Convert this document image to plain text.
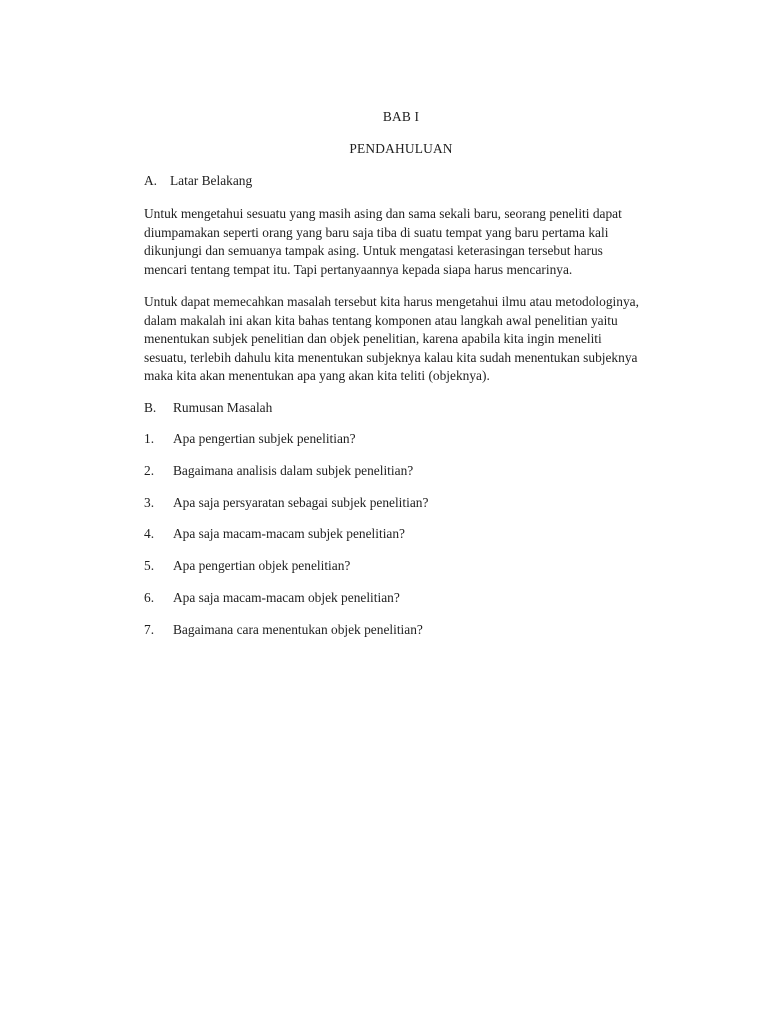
BAB I
PENDAHULUAN
A. Latar Belakang

Untuk mengetahui sesuatu yang masih asing dan sama sekali baru, seorang peneliti dapat
diumpamakan seperti orang yang baru saja tiba di suatu tempat yang baru pertama kali
dikunjungi dan semuanya tampak asing. Untuk mengatasi keterasingan tersebut harus
mencari tentang tempat itu. Tapi pertanyaannya kepada siapa harus mencarinya.

Untuk dapat memecahkan masalah tersebut kita harus mengetahui ilmu atau metodologinya,
dalam makalah ini akan kita bahas tentang komponen atau langkah awal penelitian yaitu
menentukan subjek penelitian dan objek penelitian, karena apabila kita ingin meneliti
sesuatu, terlebih dahulu kita menentukan subjeknya kalau kita sudah menentukan subjeknya
maka kita akan menentukan apa yang akan kita teliti (objeknya).

B. Rumusan Masalah
1. Apa pengertian subjek penelitian?
2. Bagaimana analisis dalam subjek penelitian?
3. Apa saja persyaratan sebagai subjek penelitian?
4. Apa saja macam-macam subjek penelitian?
5. Apa pengertian objek penelitian?
6. Apa saja macam-macam objek penelitian?
7. Bagaimana cara menentukan objek penelitian?
